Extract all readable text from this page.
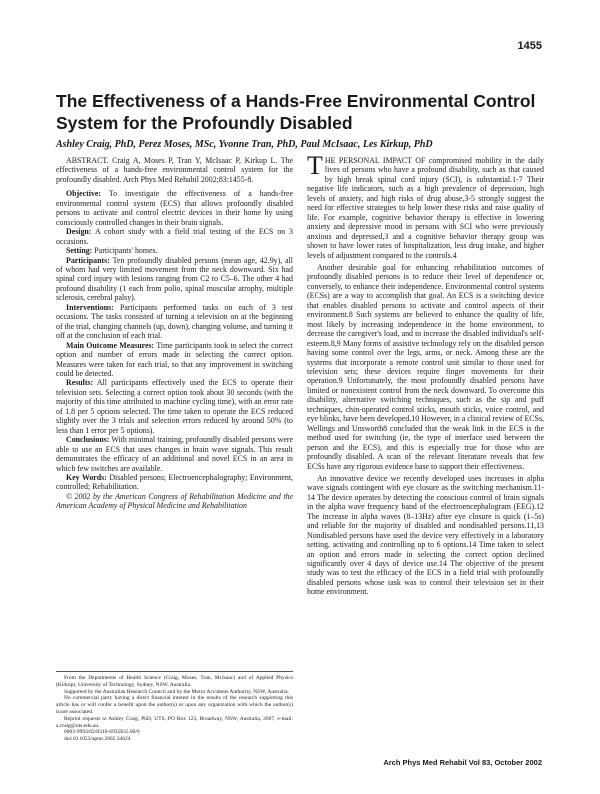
1455
The Effectiveness of a Hands-Free Environmental Control System for the Profoundly Disabled
Ashley Craig, PhD, Perez Moses, MSc, Yvonne Tran, PhD, Paul McIsaac, Les Kirkup, PhD

ABSTRACT. Craig A, Moses P, Tran Y, McIsaac P, Kirkup L. The effectiveness of a hands-free environmental control system for the profoundly disabled. Arch Phys Med Rehabil 2002;83:1455-8.

Objective: To investigate the effectiveness of a hands-free environmental control system (ECS) that allows profoundly disabled persons to activate and control electric devices in their home by using consciously controlled changes in their brain signals.

Design: A cohort study with a field trial testing of the ECS on 3 occasions.

Setting: Participants' homes.

Participants: Ten profoundly disabled persons (mean age, 42.9y), all of whom had very limited movement from the neck downward. Six had spinal cord injury with lesions ranging from C2 to C5–6. The other 4 had profound disability (1 each from polio, spinal muscular atrophy, multiple sclerosis, cerebral palsy).

Interventions: Participants performed tasks on each of 3 test occasions. The tasks consisted of turning a television on at the beginning of the trial, changing channels (up, down), changing volume, and turning it off at the conclusion of each trial.

Main Outcome Measures: Time participants took to select the correct option and number of errors made in selecting the correct option. Measures were taken for each trial, so that any improvement in switching could be detected.

Results: All participants effectively used the ECS to operate their television sets. Selecting a correct option took about 30 seconds (with the majority of this time attributed to machine cycling time), with an error rate of 1.8 per 5 options selected. The time taken to operate the ECS reduced slightly over the 3 trials and selection errors reduced by around 50% (to less than 1 error per 5 options).

Conclusions: With minimal training, profoundly disabled persons were able to use an ECS that uses changes in brain wave signals. This result demonstrates the efficacy of an additional and novel ECS in an area in which few switches are available.

Key Words: Disabled persons; Electroencephalography; Environment, controlled; Rehabilitation.

© 2002 by the American Congress of Rehabilitation Medicine and the American Academy of Physical Medicine and Rehabilitation

From the Departments of Health Science (Craig, Moses, Tran, McIsaac) and of Applied Physics (Kirkup), University of Technology, Sydney, NSW, Australia.

Supported by the Australian Research Council and by the Motor Accidents Authority, NSW, Australia.

No commercial party having a direct financial interest in the results of the research supporting this article has or will confer a benefit upon the author(s) or upon any organization with which the author(s) is/are associated.

Reprint requests to Ashley Craig, PhD, UTS, PO Box 123, Broadway, NSW, Australia, 2007, e-mail: a.craig@uts.edu.au.

0003-9993/02/8310-6935$35.00/0

doi:10.1053/apmr.2002.34624

THE PERSONAL IMPACT OF compromised mobility in the daily lives of persons who have a profound disability, such as that caused by high break spinal cord injury (SCI), is substantial.1-7 Their negative life indicators, such as a high prevalence of depression, high levels of anxiety, and high risks of drug abuse,3-5 strongly suggest the need for effective strategies to help lower these risks and raise quality of life. For example, cognitive behavior therapy is effective in lowering anxiety and depressive mood in persons with SCI who were previously anxious and depressed,3 and a cognitive behavior therapy group was shown to have lower rates of hospitalization, less drug intake, and higher levels of adjustment compared to the controls.4

Another desirable goal for enhancing rehabilitation outcomes of profoundly disabled persons is to reduce their level of dependence or, conversely, to enhance their independence. Environmental control systems (ECSs) are a way to accomplish that goal. An ECS is a switching device that enables disabled persons to activate and control aspects of their environment.8 Such systems are believed to enhance the quality of life, most likely by increasing independence in the home environment, to decrease the caregiver's load, and to increase the disabled individual's self-esteem.8,9 Many forms of assistive technology rely on the disabled person having some control over the legs, arms, or neck. Among these are the systems that incorporate a remote control unit similar to those used for television sets; these devices require finger movements for their operation.9 Unfortunately, the most profoundly disabled persons have limited or nonexistent control from the neck downward. To overcome this disability, alternative switching techniques, such as the sip and puff techniques, chin-operated control sticks, mouth sticks, voice control, and eye blinks, have been developed.10 However, in a clinical review of ECSs, Wellings and Unsworth8 concluded that the weak link in the ECS is the method used for switching (ie, the type of interface used between the person and the ECS), and this is especially true for those who are profoundly disabled. A scan of the relevant literature reveals that few ECSs have any rigorous evidence base to support their effectiveness.

An innovative device we recently developed uses increases in alpha wave signals contingent with eye closure as the switching mechanism.11-14 The device operates by detecting the conscious control of brain signals in the alpha wave frequency band of the electroencephalogram (EEG).12 The increase in alpha waves (8–13Hz) after eye closure is quick (1–5s) and reliable for the majority of disabled and nondisabled persons.11,13 Nondisabled persons have used the device very effectively in a laboratory setting, activating and controlling up to 6 options.14 Time taken to select an option and errors made in selecting the correct option declined significantly over 4 days of device use.14 The objective of the present study was to test the efficacy of the ECS in a field trial with profoundly disabled persons whose task was to control their television set in their home environment.

Arch Phys Med Rehabil Vol 83, October 2002
